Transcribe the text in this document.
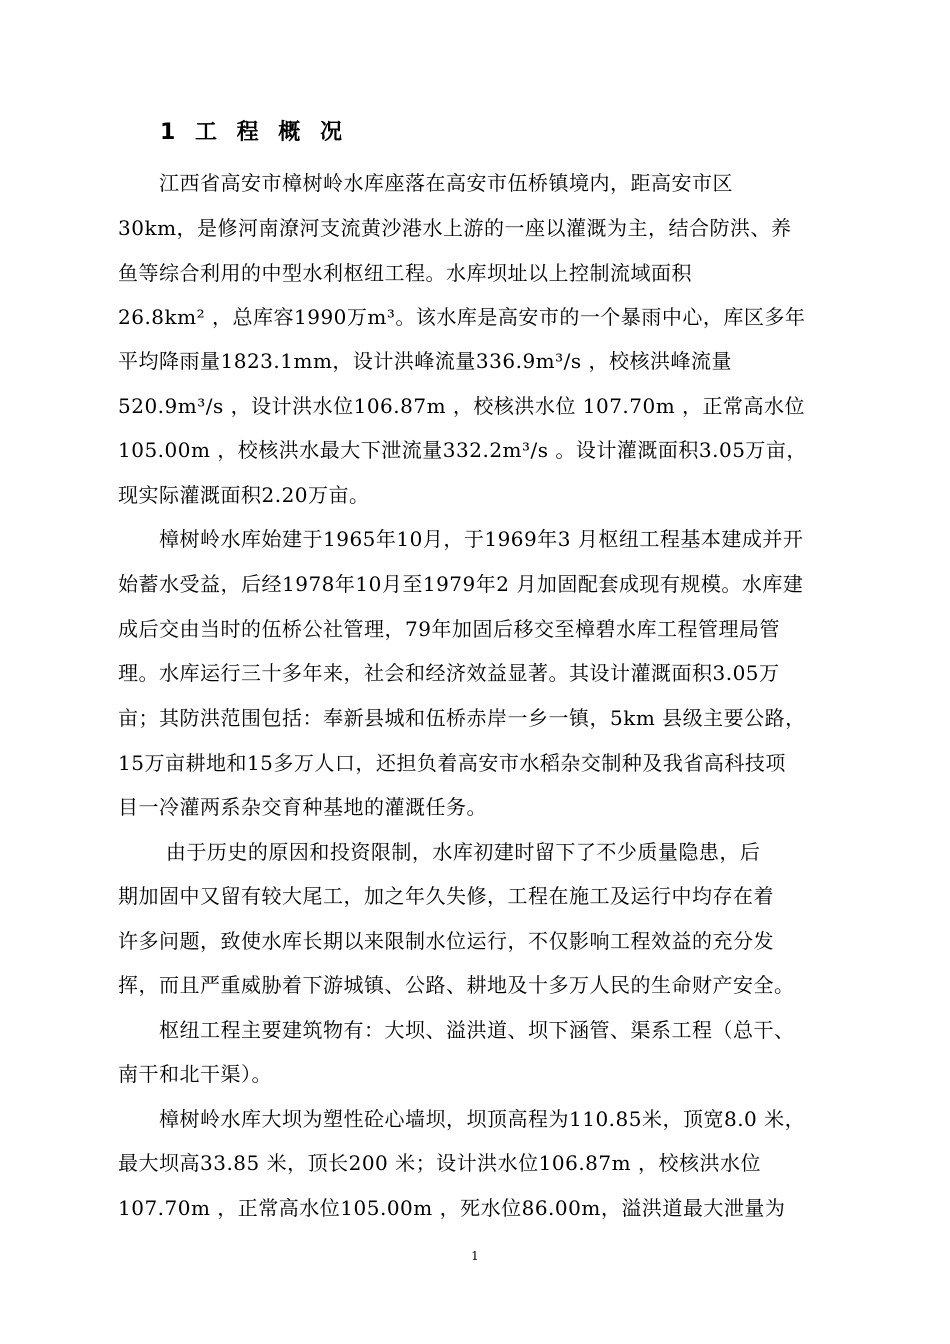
1 工 程 概 况
　　江西省高安市樟树岭水库座落在高安市伍桥镇境内，距高安市区
30km，是修河南潦河支流黄沙港水上游的一座以灌溉为主，结合防洪、养
鱼等综合利用的中型水利枢纽工程。水库坝址以上控制流域面积
26.8km² ，总库容1990万m³。该水库是高安市的一个暴雨中心，库区多年
平均降雨量1823.1mm，设计洪峰流量336.9m³/s ，校核洪峰流量
520.9m³/s ，设计洪水位106.87m ，校核洪水位 107.70m ，正常高水位
105.00m ，校核洪水最大下泄流量332.2m³/s 。设计灌溉面积3.05万亩，
现实际灌溉面积2.20万亩。
　　樟树岭水库始建于1965年10月，于1969年3 月枢纽工程基本建成并开
始蓄水受益，后经1978年10月至1979年2 月加固配套成现有规模。水库建
成后交由当时的伍桥公社管理，79年加固后移交至樟碧水库工程管理局管
理。水库运行三十多年来，社会和经济效益显著。其设计灌溉面积3.05万
亩；其防洪范围包括：奉新县城和伍桥赤岸一乡一镇，5km 县级主要公路，
15万亩耕地和15多万人口，还担负着高安市水稻杂交制种及我省高科技项
目一冷灌两系杂交育种基地的灌溉任务。
　　 由于历史的原因和投资限制，水库初建时留下了不少质量隐患，后
期加固中又留有较大尾工，加之年久失修，工程在施工及运行中均存在着
许多问题，致使水库长期以来限制水位运行，不仅影响工程效益的充分发
挥，而且严重威胁着下游城镇、公路、耕地及十多万人民的生命财产安全。
　　枢纽工程主要建筑物有：大坝、溢洪道、坝下涵管、渠系工程（总干、
南干和北干渠）。
　　樟树岭水库大坝为塑性砼心墙坝，坝顶高程为110.85米，顶宽8.0 米，
最大坝高33.85 米，顶长200 米；设计洪水位106.87m ，校核洪水位
107.70m ，正常高水位105.00m ，死水位86.00m，溢洪道最大泄量为
1
